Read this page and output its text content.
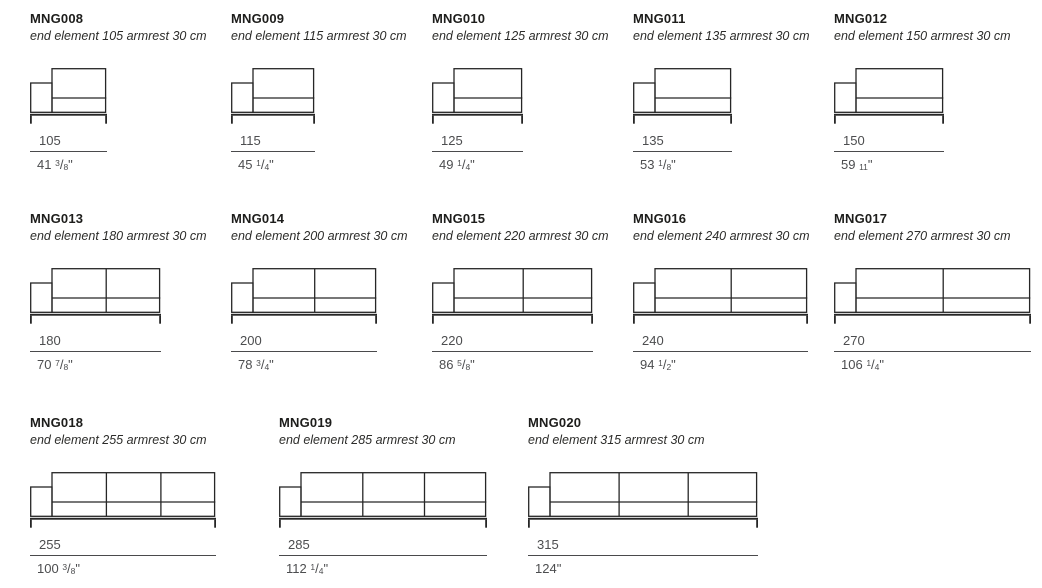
MNG008
end element 105 armrest 30 cm
105
41 $^3/_8$"
MNG009
end element 115 armrest 30 cm
115
45 $^1/_4$"
MNG010
end element 125 armrest 30 cm
125
49 $^1/_4$"
MNG011
end element 135 armrest 30 cm
135
53 $^1/_8$"
MNG012
end element 150 armrest 30 cm
150
59 $_{11}$"
MNG013
end element 180 armrest 30 cm
180
70 $^7/_8$"
MNG014
end element 200 armrest 30 cm
200
78 $^3/_4$"
MNG015
end element 220 armrest 30 cm
220
86 $^5/_8$"
MNG016
end element 240 armrest 30 cm
240
94 $^1/_2$"
MNG017
end element 270 armrest 30 cm
270
106 $^1/_4$"
MNG018
end element 255 armrest 30 cm
255
100 $^3/_8$"
MNG019
end element 285 armrest 30 cm
285
112 $^1/_4$"
MNG020
end element 315 armrest 30 cm
315
124"
